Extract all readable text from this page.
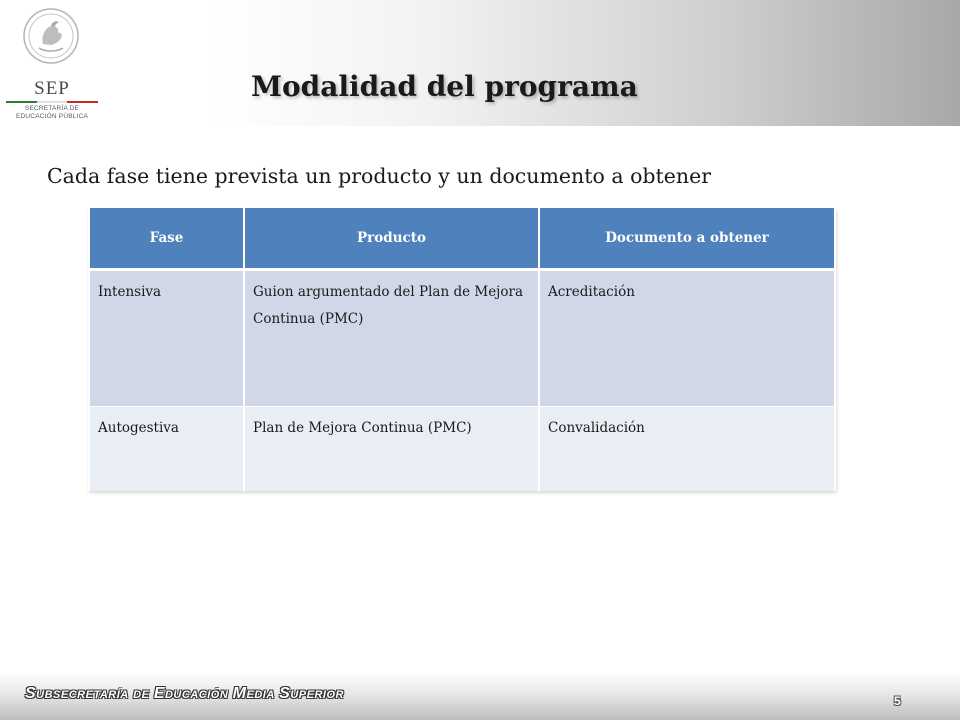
SEP
SECRETARÍA DE
EDUCACIÓN PÚBLICA
Modalidad del programa
Cada fase tiene prevista un producto y un documento a obtener
Fase	Producto	Documento a obtener
Intensiva	Guion argumentado del Plan de Mejora Continua (PMC)	Acreditación
Autogestiva	Plan de Mejora Continua (PMC)	Convalidación
SUBSECRETARÍA DE EDUCACIÓN MEDIA SUPERIOR	5
